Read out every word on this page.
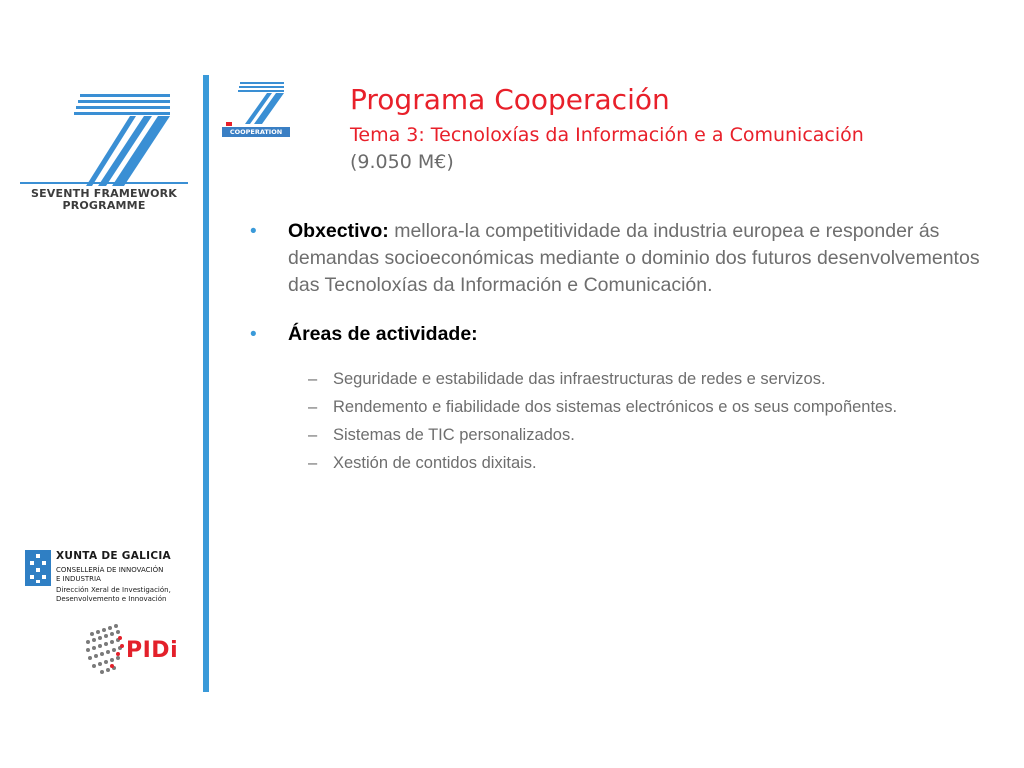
SEVENTH FRAMEWORK
PROGRAMME
COOPERATION
Programa Cooperación
Tema 3: Tecnoloxías da Información e a Comunicación
(9.050 M€)
• Obxectivo: mellora-la competitividade da industria europea e responder ás demandas socioeconómicas mediante o dominio dos futuros desenvolvementos das Tecnoloxías da Información e Comunicación.
• Áreas de actividade:
– Seguridade e estabilidade das infraestructuras de redes e servizos.
– Rendemento e fiabilidade dos sistemas electrónicos e os seus compoñentes.
– Sistemas de TIC personalizados.
– Xestión de contidos dixitais.
XUNTA DE GALICIA
CONSELLERÍA DE INNOVACIÓN
E INDUSTRIA
Dirección Xeral de Investigación,
Desenvolvemento e Innovación
PIDi
